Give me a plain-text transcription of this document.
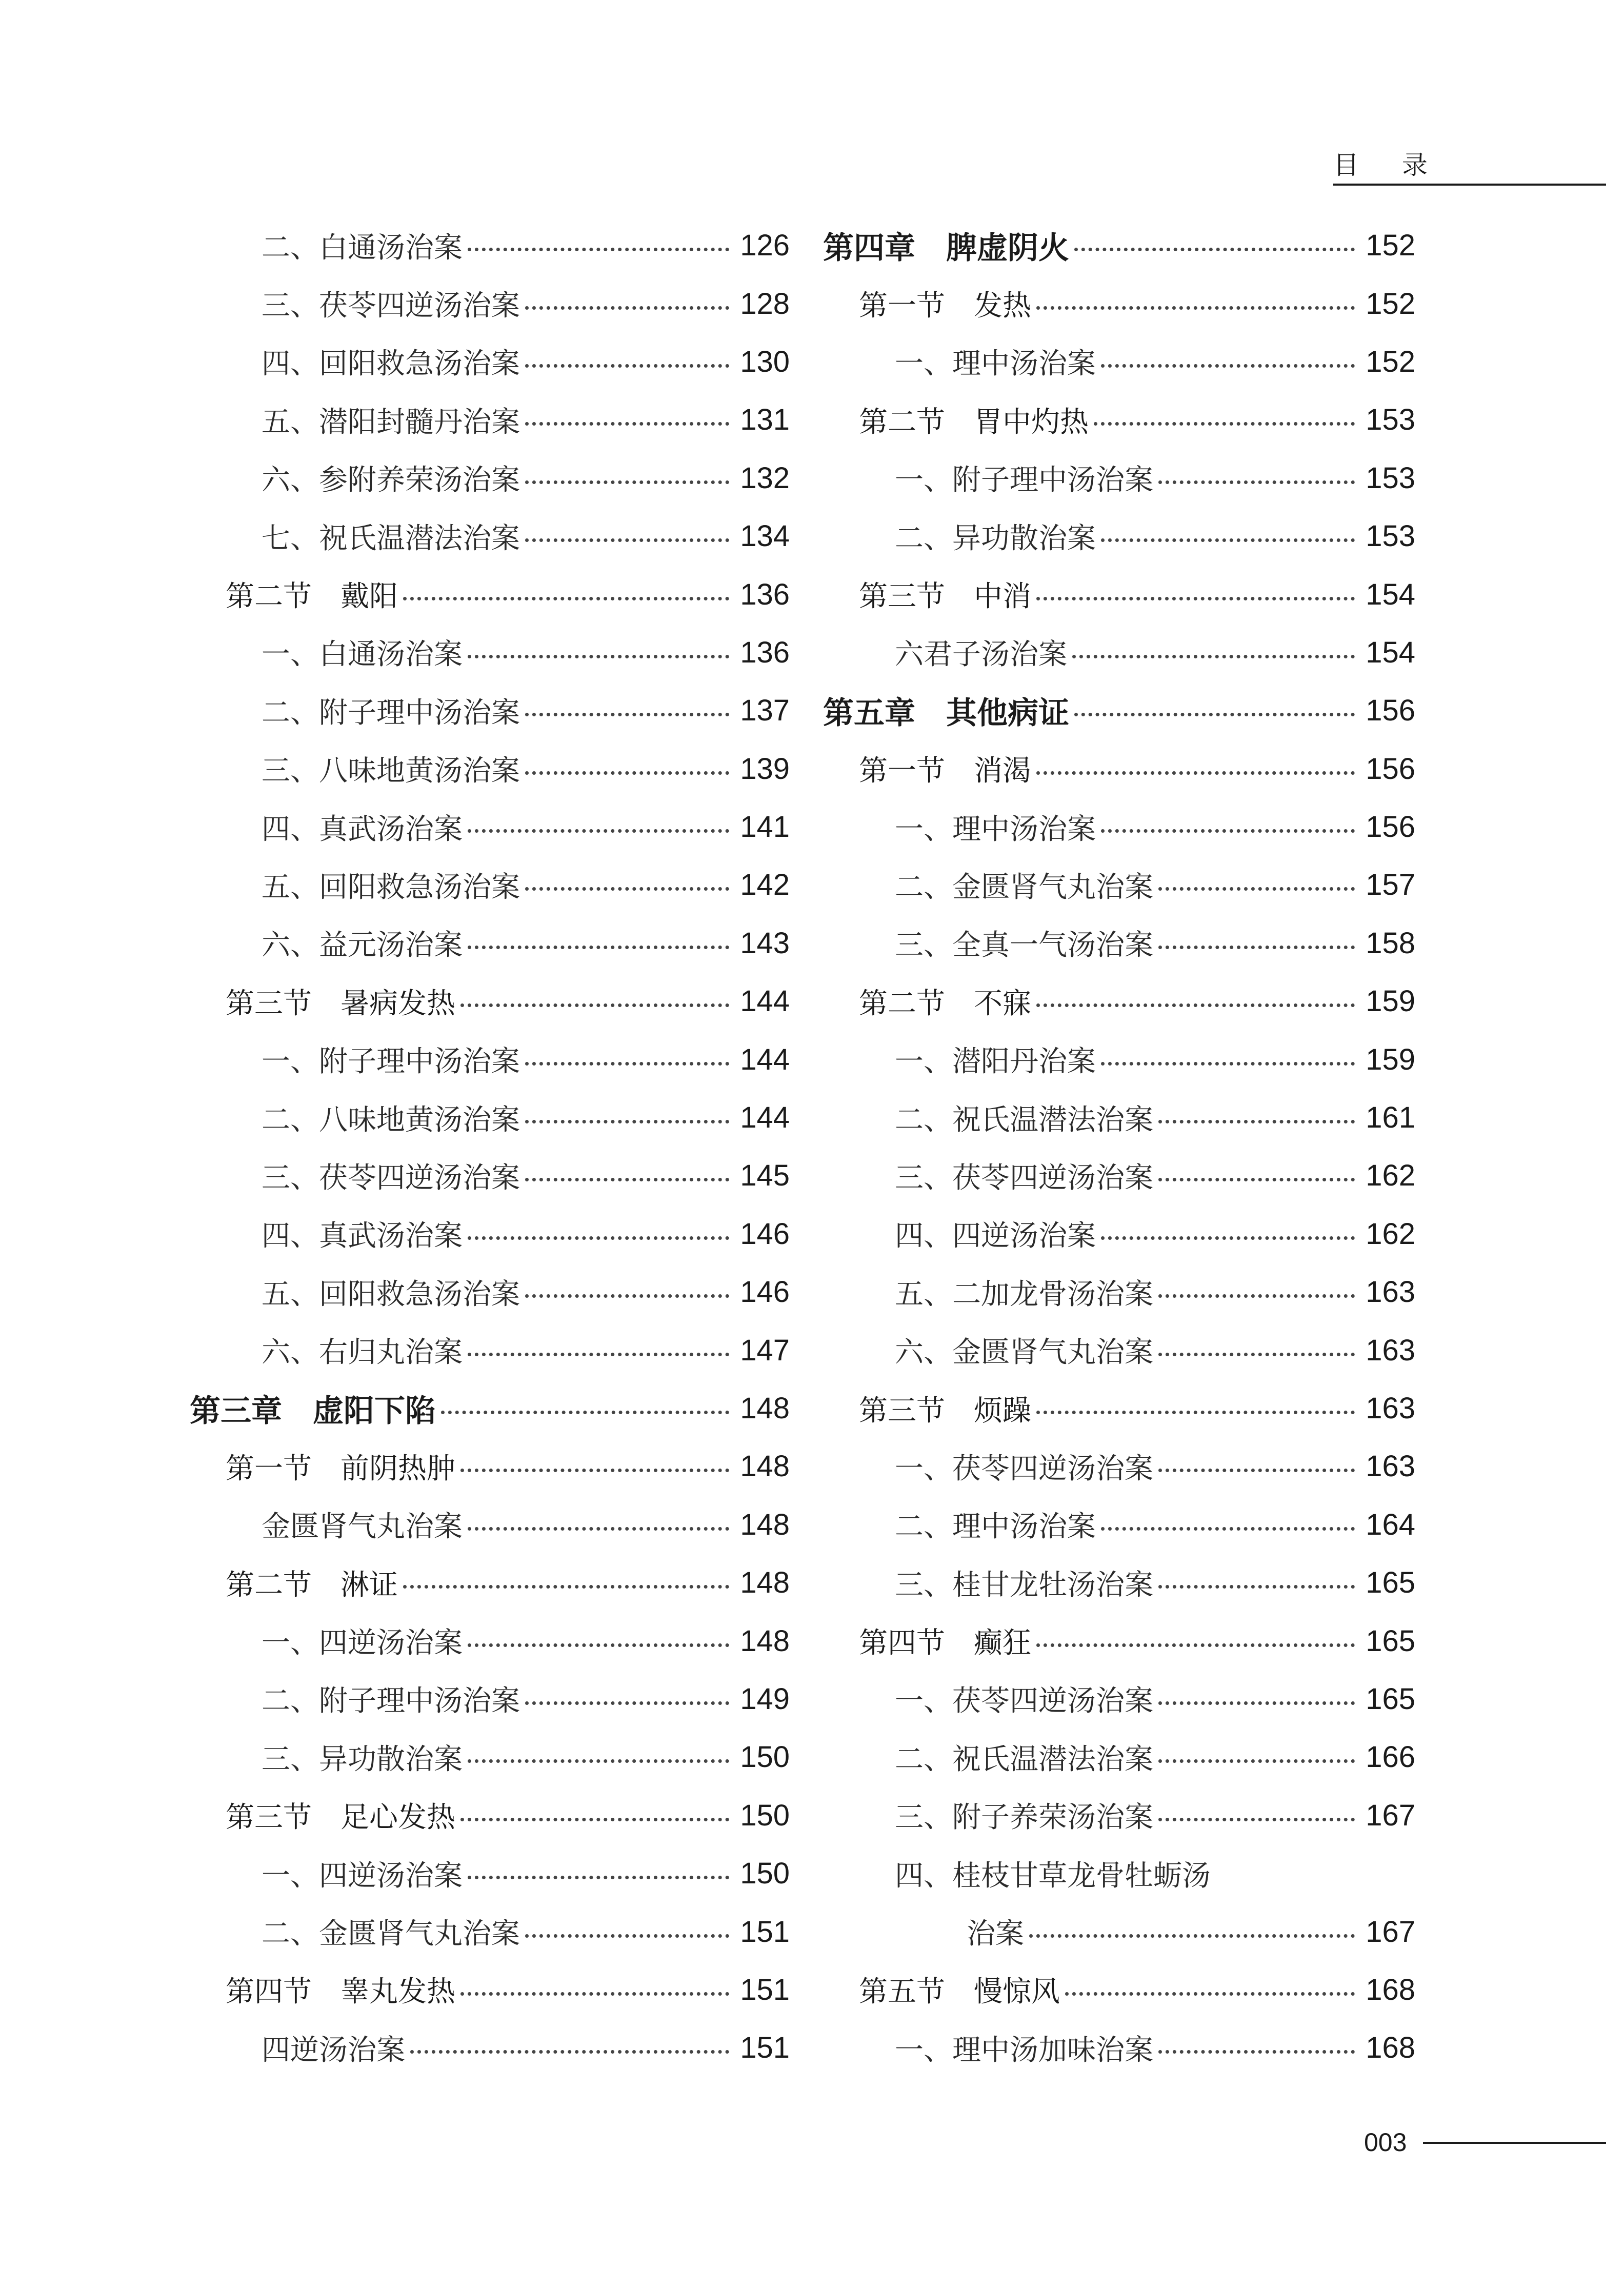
目 录
二、白通汤治案	126
三、茯苓四逆汤治案	128
四、回阳救急汤治案	130
五、潜阳封髓丹治案	131
六、参附养荣汤治案	132
七、祝氏温潜法治案	134
第二节　戴阳	136
一、白通汤治案	136
二、附子理中汤治案	137
三、八味地黄汤治案	139
四、真武汤治案	141
五、回阳救急汤治案	142
六、益元汤治案	143
第三节　暑病发热	144
一、附子理中汤治案	144
二、八味地黄汤治案	144
三、茯苓四逆汤治案	145
四、真武汤治案	146
五、回阳救急汤治案	146
六、右归丸治案	147
第三章　虚阳下陷	148
第一节　前阴热肿	148
金匮肾气丸治案	148
第二节　淋证	148
一、四逆汤治案	148
二、附子理中汤治案	149
三、异功散治案	150
第三节　足心发热	150
一、四逆汤治案	150
二、金匮肾气丸治案	151
第四节　睾丸发热	151
四逆汤治案	151
第四章　脾虚阴火	152
第一节　发热	152
一、理中汤治案	152
第二节　胃中灼热	153
一、附子理中汤治案	153
二、异功散治案	153
第三节　中消	154
六君子汤治案	154
第五章　其他病证	156
第一节　消渴	156
一、理中汤治案	156
二、金匮肾气丸治案	157
三、全真一气汤治案	158
第二节　不寐	159
一、潜阳丹治案	159
二、祝氏温潜法治案	161
三、茯苓四逆汤治案	162
四、四逆汤治案	162
五、二加龙骨汤治案	163
六、金匮肾气丸治案	163
第三节　烦躁	163
一、茯苓四逆汤治案	163
二、理中汤治案	164
三、桂甘龙牡汤治案	165
第四节　癫狂	165
一、茯苓四逆汤治案	165
二、祝氏温潜法治案	166
三、附子养荣汤治案	167
四、桂枝甘草龙骨牡蛎汤
治案	167
第五节　慢惊风	168
一、理中汤加味治案	168
003
